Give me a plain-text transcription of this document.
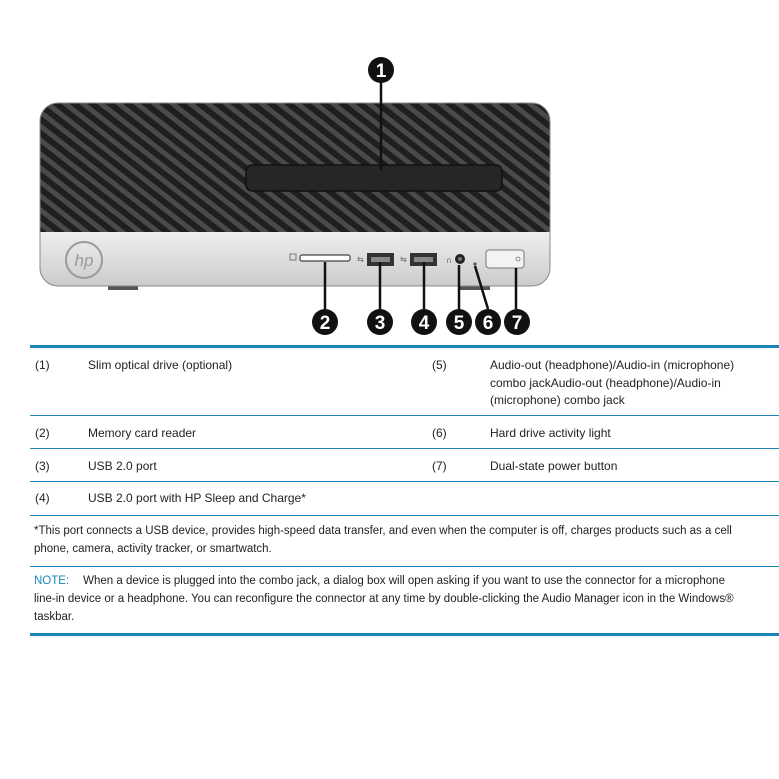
hp	⇆	⇆	∩
1
2 3 4 5 6 7
(1)	Slim optical drive (optional)	(5)	Audio-out (headphone)/Audio-in (microphone) combo jackAudio-out (headphone)/Audio-in (microphone) combo jack
(2)	Memory card reader	(6)	Hard drive activity light
(3)	USB 2.0 port	(7)	Dual-state power button
(4)	USB 2.0 port with HP Sleep and Charge*
*This port connects a USB device, provides high-speed data transfer, and even when the computer is off, charges products such as a cell phone, camera, activity tracker, or smartwatch.
NOTE: When a device is plugged into the combo jack, a dialog box will open asking if you want to use the connector for a microphone line-in device or a headphone. You can reconfigure the connector at any time by double-clicking the Audio Manager icon in the Windows® taskbar.
